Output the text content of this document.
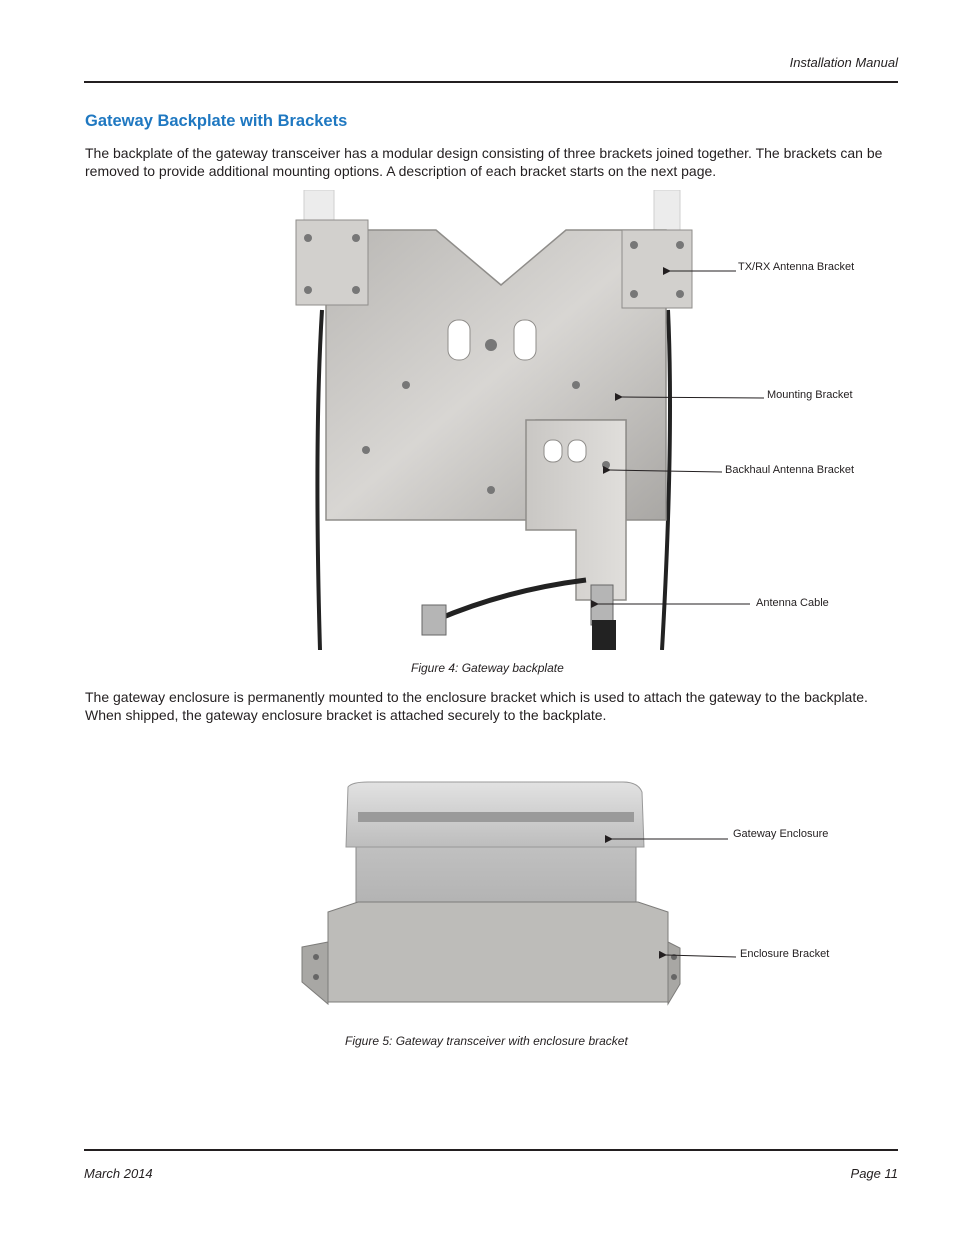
Installation Manual
Gateway Backplate with Brackets
The backplate of the gateway transceiver has a modular design consisting of three brackets joined together. The brackets can be removed to provide additional mounting options. A description of each bracket starts on the next page.
TX/RX Antenna Bracket
Mounting Bracket
Backhaul Antenna Bracket
Antenna Cable
Figure 4: Gateway backplate
The gateway enclosure is permanently mounted to the enclosure bracket which is used to attach the gateway to the backplate. When shipped, the gateway enclosure bracket is attached securely to the backplate.
Gateway Enclosure
Enclosure Bracket
Figure 5: Gateway transceiver with enclosure bracket
March 2014	Page 11
